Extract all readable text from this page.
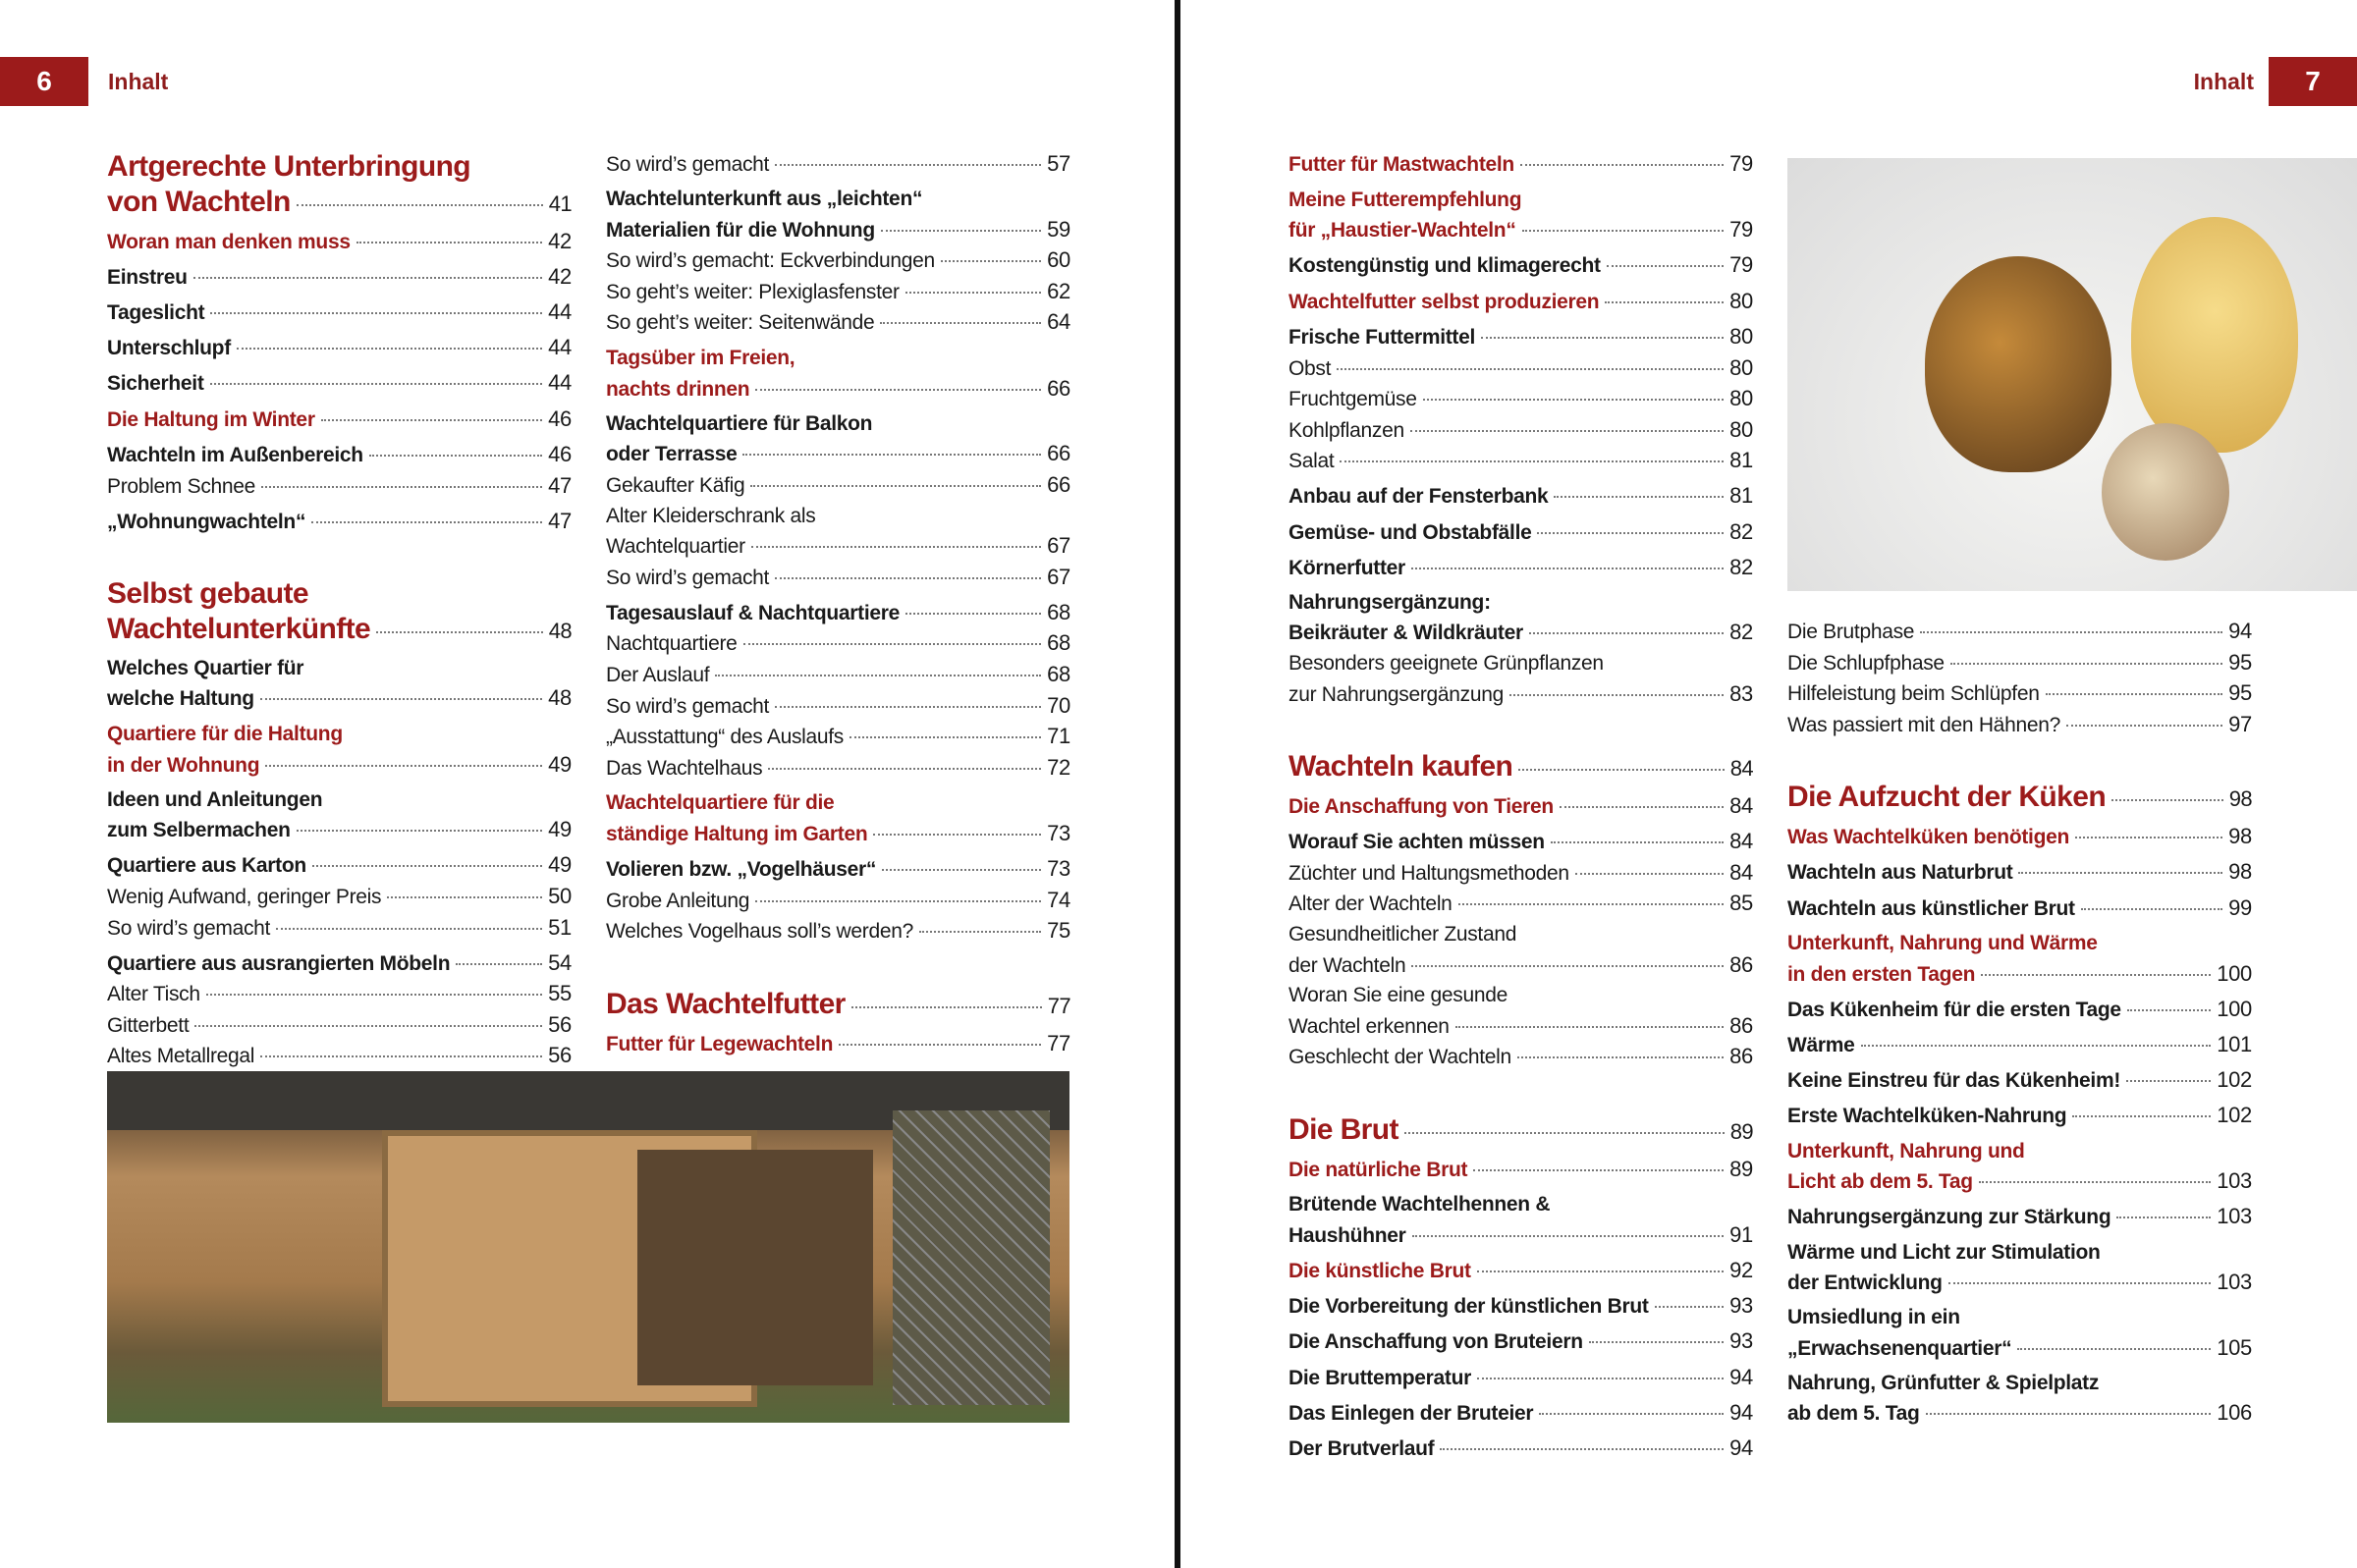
6	Inhalt	Inhalt	7
Artgerechte Unterbringung
von Wachteln	41
Woran man denken muss	42
Einstreu	42
Tageslicht	44
Unterschlupf	44
Sicherheit	44
Die Haltung im Winter	46
Wachteln im Außenbereich	46
Problem Schnee	47
„Wohnungwachteln“	47
Selbst gebaute
Wachtelunterkünfte	48
Welches Quartier für
welche Haltung	48
Quartiere für die Haltung
in der Wohnung	49
Ideen und Anleitungen
zum Selbermachen	49
Quartiere aus Karton	49
Wenig Aufwand, geringer Preis	50
So wird’s gemacht	51
Quartiere aus ausrangierten Möbeln	54
Alter Tisch	55
Gitterbett	56
Altes Metallregal	56
So wird’s gemacht	57
Wachtelunterkunft aus „leichten“
Materialien für die Wohnung	59
So wird’s gemacht: Eckverbindungen	60
So geht’s weiter: Plexiglasfenster	62
So geht’s weiter: Seitenwände	64
Tagsüber im Freien,
nachts drinnen	66
Wachtelquartiere für Balkon
oder Terrasse	66
Gekaufter Käfig	66
Alter Kleiderschrank als
Wachtelquartier	67
So wird’s gemacht	67
Tagesauslauf & Nachtquartiere	68
Nachtquartiere	68
Der Auslauf	68
So wird’s gemacht	70
„Ausstattung“ des Auslaufs	71
Das Wachtelhaus	72
Wachtelquartiere für die
ständige Haltung im Garten	73
Volieren bzw. „Vogelhäuser“	73
Grobe Anleitung	74
Welches Vogelhaus soll’s werden?	75
Das Wachtelfutter	77
Futter für Legewachteln	77
Futter für Mastwachteln	79
Meine Futterempfehlung
für „Haustier-Wachteln“	79
Kostengünstig und klimagerecht	79
Wachtelfutter selbst produzieren	80
Frische Futtermittel	80
Obst	80
Fruchtgemüse	80
Kohlpflanzen	80
Salat	81
Anbau auf der Fensterbank	81
Gemüse- und Obstabfälle	82
Körnerfutter	82
Nahrungsergänzung:
Beikräuter & Wildkräuter	82
Besonders geeignete Grünpflanzen
zur Nahrungsergänzung	83
Wachteln kaufen	84
Die Anschaffung von Tieren	84
Worauf Sie achten müssen	84
Züchter und Haltungsmethoden	84
Alter der Wachteln	85
Gesundheitlicher Zustand
der Wachteln	86
Woran Sie eine gesunde
Wachtel erkennen	86
Geschlecht der Wachteln	86
Die Brut	89
Die natürliche Brut	89
Brütende Wachtelhennen &
Haushühner	91
Die künstliche Brut	92
Die Vorbereitung der künstlichen Brut	93
Die Anschaffung von Bruteiern	93
Die Bruttemperatur	94
Das Einlegen der Bruteier	94
Der Brutverlauf	94
Die Brutphase	94
Die Schlupfphase	95
Hilfeleistung beim Schlüpfen	95
Was passiert mit den Hähnen?	97
Die Aufzucht der Küken	98
Was Wachtelküken benötigen	98
Wachteln aus Naturbrut	98
Wachteln aus künstlicher Brut	99
Unterkunft, Nahrung und Wärme
in den ersten Tagen	100
Das Kükenheim für die ersten Tage	100
Wärme	101
Keine Einstreu für das Kükenheim!	102
Erste Wachtelküken-Nahrung	102
Unterkunft, Nahrung und
Licht ab dem 5. Tag	103
Nahrungsergänzung zur Stärkung	103
Wärme und Licht zur Stimulation
der Entwicklung	103
Umsiedlung in ein
„Erwachsenenquartier“	105
Nahrung, Grünfutter & Spielplatz
ab dem 5. Tag	106
